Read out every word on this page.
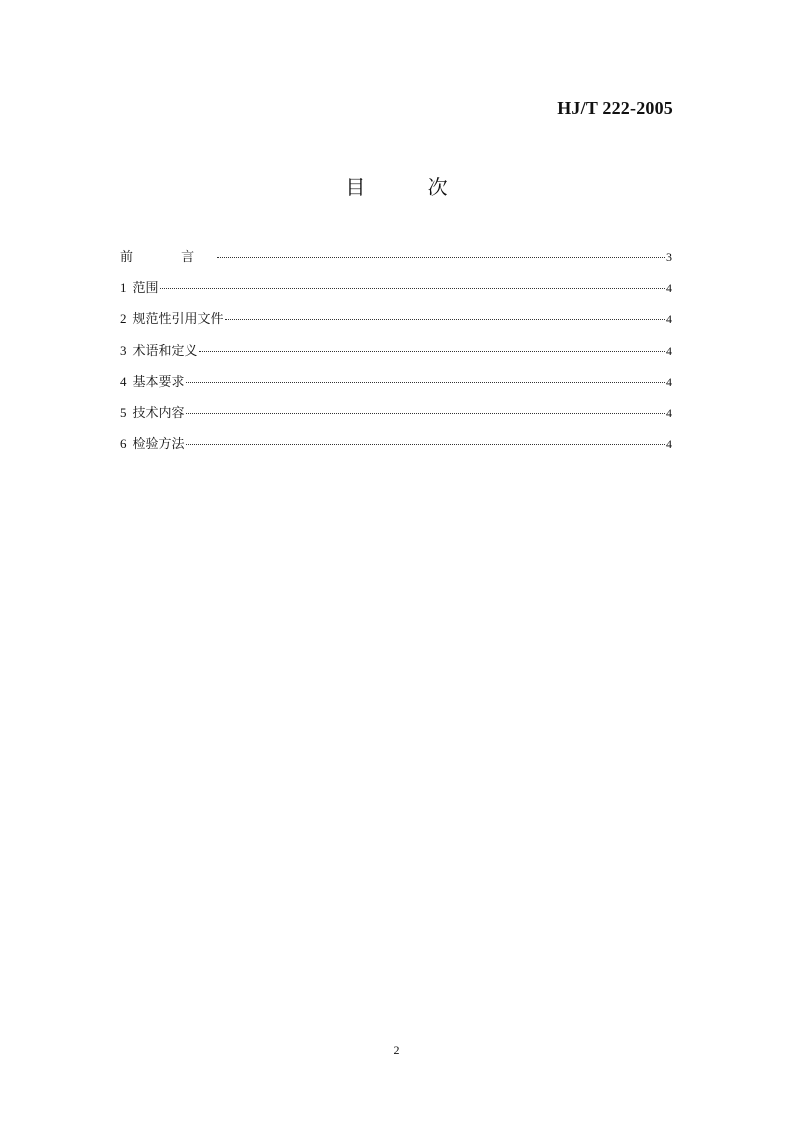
HJ/T 222-2005
目 次
前 言	3
1 范围	4
2 规范性引用文件	4
3 术语和定义	4
4 基本要求	4
5 技术内容	4
6 检验方法	4
2
